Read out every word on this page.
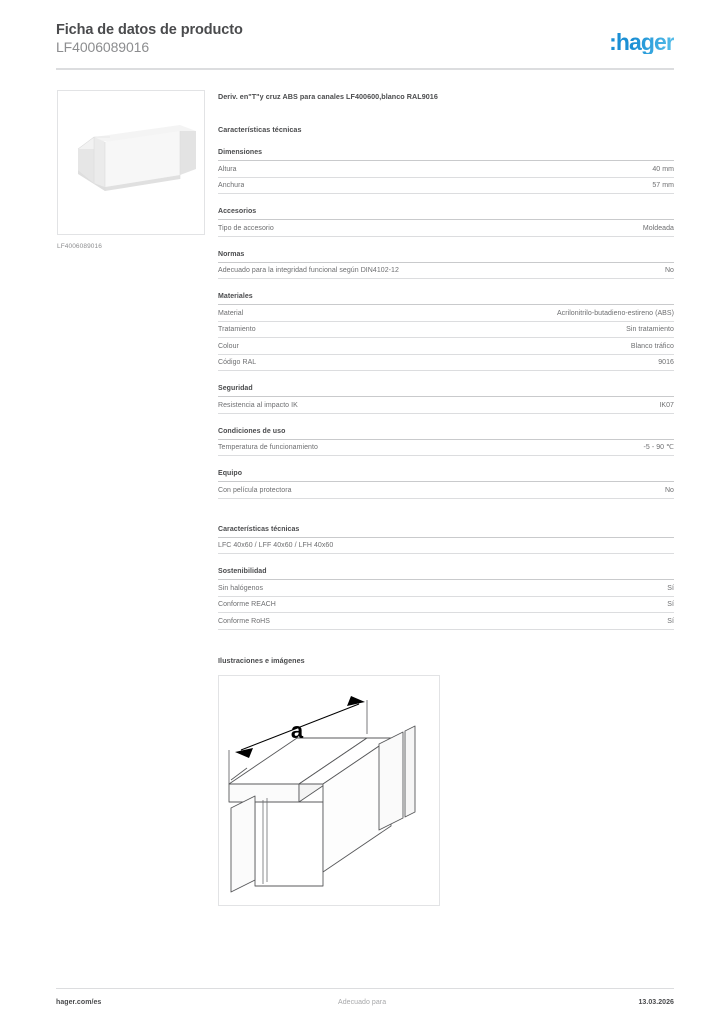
Ficha de datos de producto
LF4006089016	:hager
LF4006089016
Deriv. en"T"y cruz ABS para canales LF400600,blanco RAL9016
Características técnicas
Dimensiones
Altura	40 mm
Anchura	57 mm
Accesorios
Tipo de accesorio	Moldeada
Normas
Adecuado para la integridad funcional según DIN4102-12	No
Materiales
Material	Acrilonitrilo-butadieno-estireno (ABS)
Tratamiento	Sin tratamiento
Colour	Blanco tráfico
Código RAL	9016
Seguridad
Resistencia al impacto IK	IK07
Condiciones de uso
Temperatura de funcionamiento	-5 - 90 ℃
Equipo
Con película protectora	No
Características técnicas
LFC 40x60 / LFF 40x60 / LFH 40x60
Sostenibilidad
Sin halógenos	Sí
Conforme REACH	Sí
Conforme RoHS	Sí
Ilustraciones e imágenes
a
hager.com/es	Adecuado para	13.03.2026
